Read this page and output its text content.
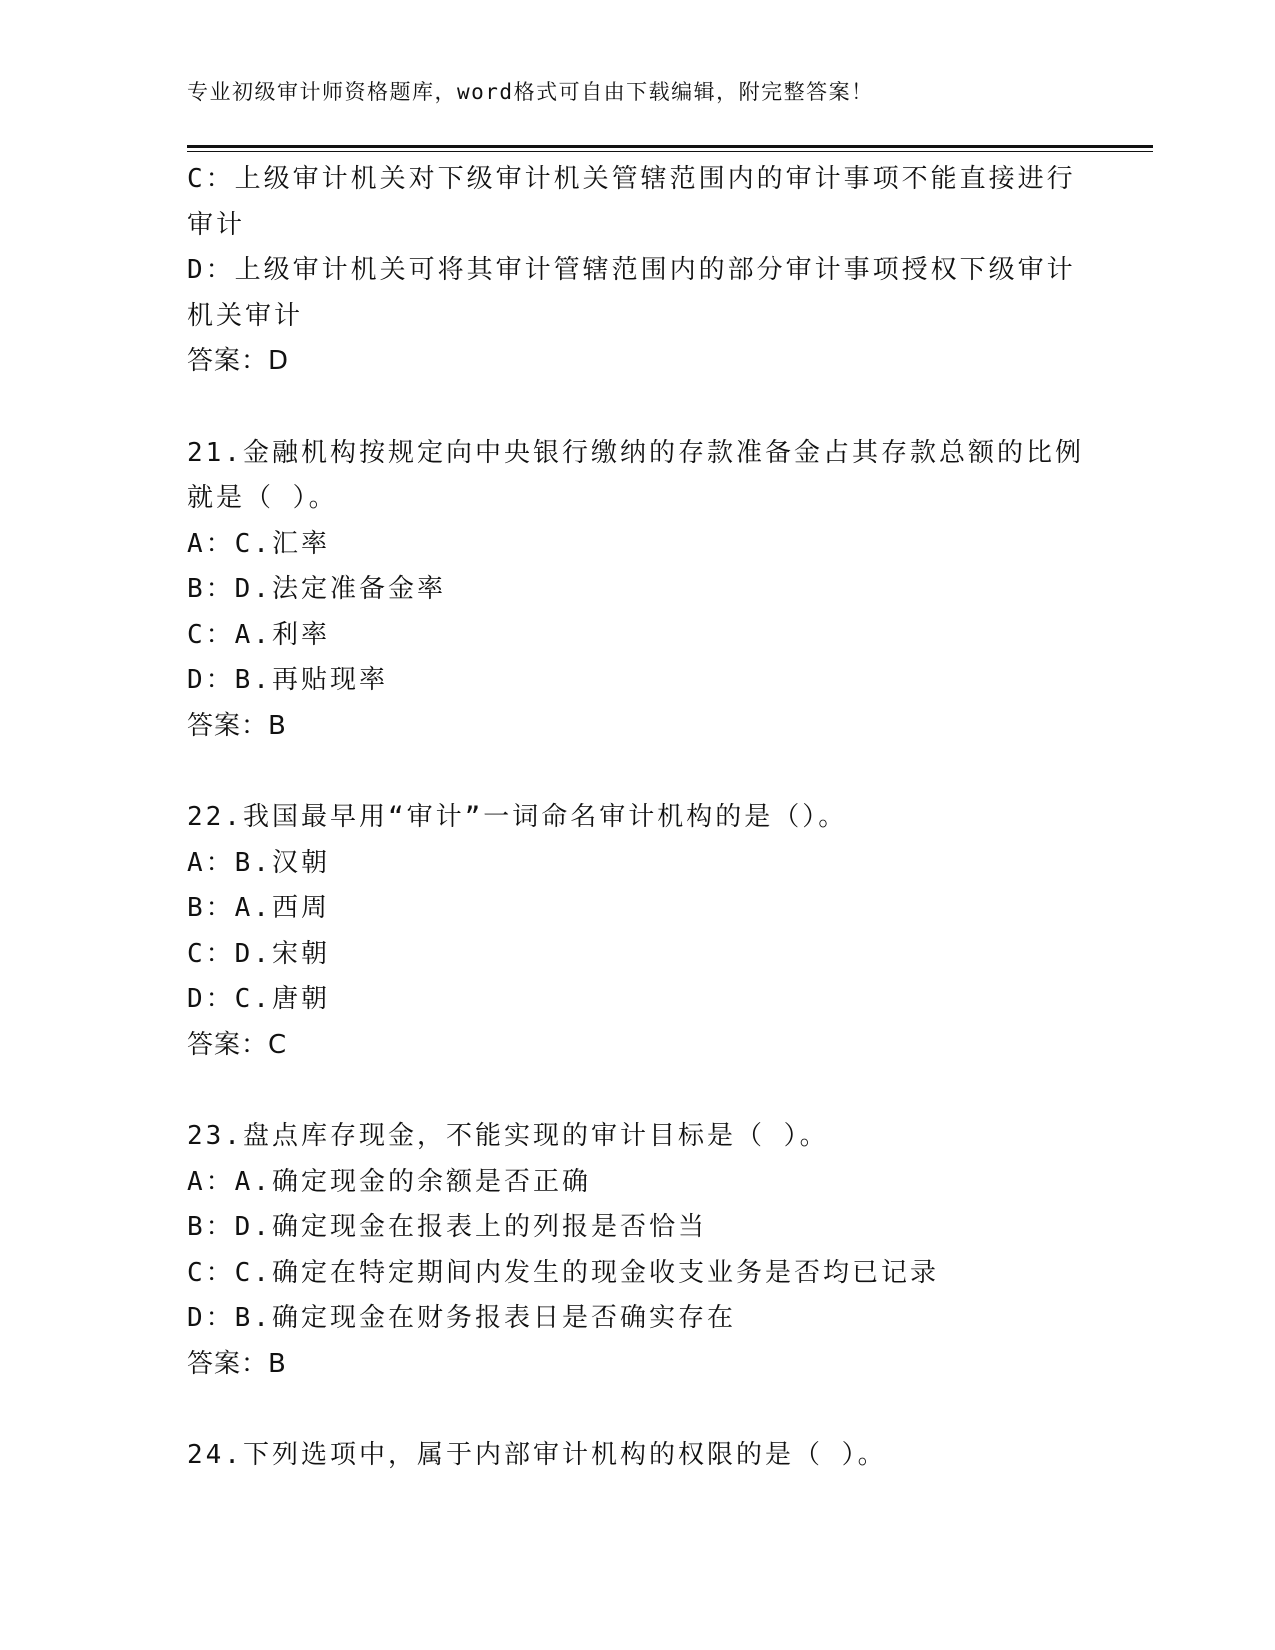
专业初级审计师资格题库，word格式可自由下载编辑，附完整答案！
C：上级审计机关对下级审计机关管辖范围内的审计事项不能直接进行
审计
D：上级审计机关可将其审计管辖范围内的部分审计事项授权下级审计
机关审计
答案：D
21.金融机构按规定向中央银行缴纳的存款准备金占其存款总额的比例
就是（ ）。
A：C.汇率
B：D.法定准备金率
C：A.利率
D：B.再贴现率
答案：B
22.我国最早用“审计”一词命名审计机构的是（）。
A：B.汉朝
B：A.西周
C：D.宋朝
D：C.唐朝
答案：C
23.盘点库存现金，不能实现的审计目标是（ ）。
A：A.确定现金的余额是否正确
B：D.确定现金在报表上的列报是否恰当
C：C.确定在特定期间内发生的现金收支业务是否均已记录
D：B.确定现金在财务报表日是否确实存在
答案：B
24.下列选项中，属于内部审计机构的权限的是（ ）。
